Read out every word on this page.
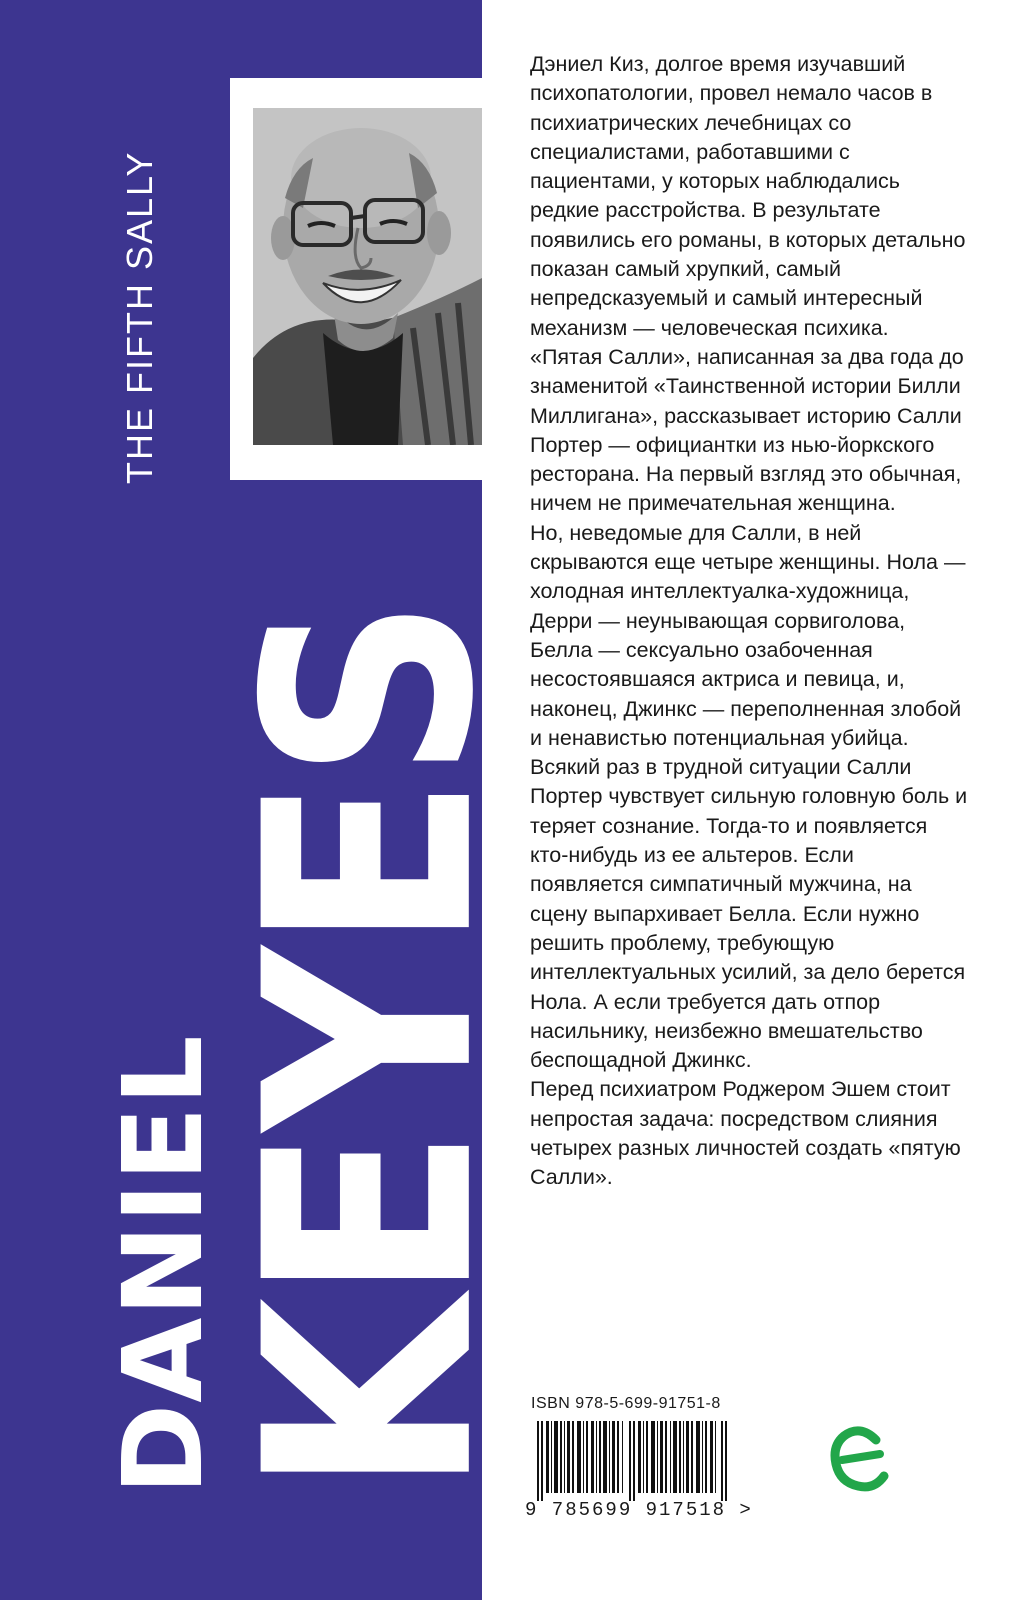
THE FIFTH SALLY
DANIEL
KEYES

Дэниел Киз, долгое время изучавший психопатологии, провел немало часов в психиатрических лечебницах со специалистами, работавшими с пациентами, у которых наблюдались редкие расстройства. В результате появились его романы, в которых детально показан самый хрупкий, самый непредсказуемый и самый интересный механизм — человеческая психика.

«Пятая Салли», написанная за два года до знаменитой «Таинственной истории Билли Миллигана», рассказывает историю Салли Портер — официантки из нью-йоркского ресторана. На первый взгляд это обычная, ничем не примечательная женщина.

Но, неведомые для Салли, в ней скрываются еще четыре женщины. Нола — холодная интеллектуалка-художница, Дерри — неунывающая сорвиголова, Белла — сексуально озабоченная несостоявшаяся актриса и певица, и, наконец, Джинкс — переполненная злобой и ненавистью потенциальная убийца. Всякий раз в трудной ситуации Салли Портер чувствует сильную головную боль и теряет сознание. Тогда-то и появляется кто-нибудь из ее альтеров. Если появляется симпатичный мужчина, на сцену выпархивает Белла. Если нужно решить проблему, требующую интеллектуальных усилий, за дело берется Нола. А если требуется дать отпор насильнику, неизбежно вмешательство беспощадной Джинкс.

Перед психиатром Роджером Эшем стоит непростая задача: посредством слияния четырех разных личностей создать «пятую Салли».

ISBN 978-5-699-91751-8
9 785699 917518 >
